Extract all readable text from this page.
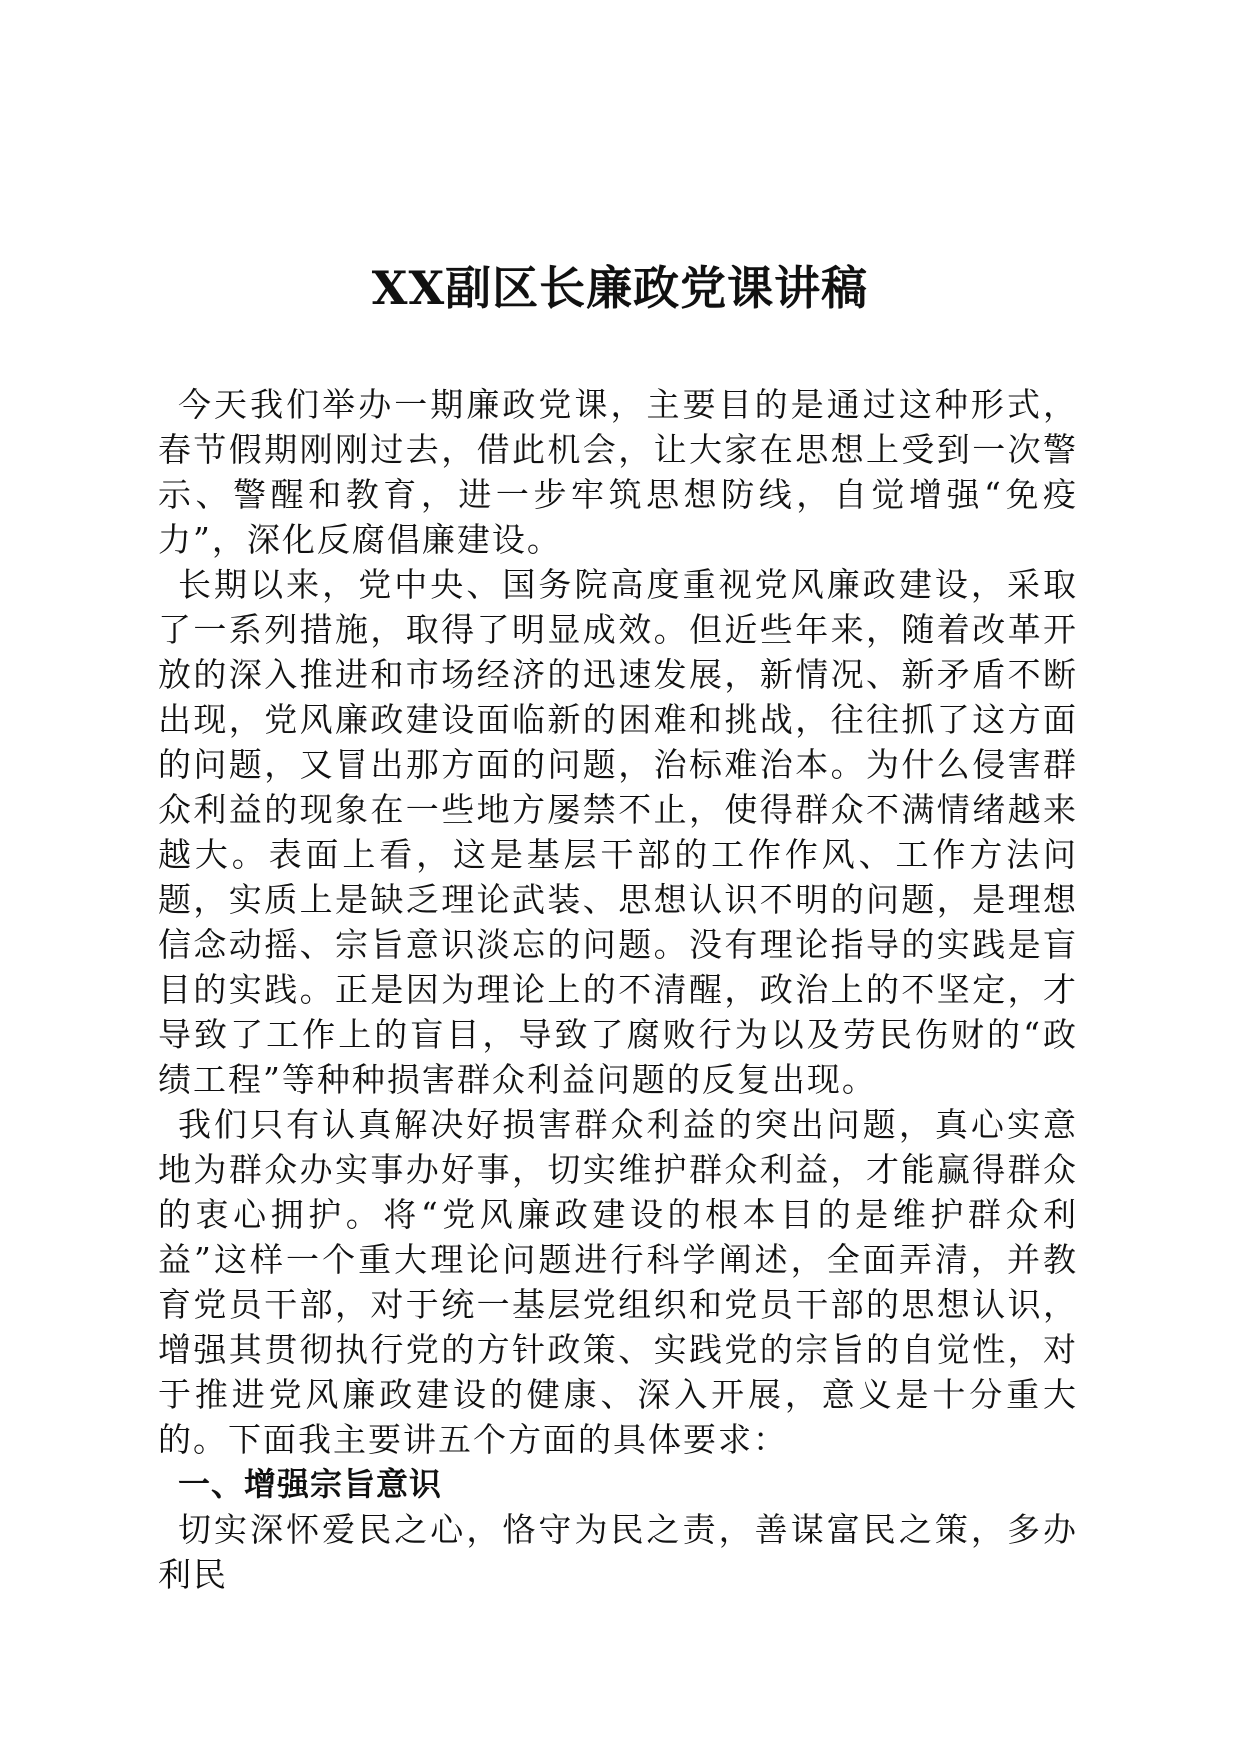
XX副区长廉政党课讲稿

今天我们举办一期廉政党课，主要目的是通过这种形式，春节假期刚刚过去，借此机会，让大家在思想上受到一次警示、警醒和教育，进一步牢筑思想防线，自觉增强“免疫力”，深化反腐倡廉建设。

长期以来，党中央、国务院高度重视党风廉政建设，采取了一系列措施，取得了明显成效。但近些年来，随着改革开放的深入推进和市场经济的迅速发展，新情况、新矛盾不断出现，党风廉政建设面临新的困难和挑战，往往抓了这方面的问题，又冒出那方面的问题，治标难治本。为什么侵害群众利益的现象在一些地方屡禁不止，使得群众不满情绪越来越大。表面上看，这是基层干部的工作作风、工作方法问题，实质上是缺乏理论武装、思想认识不明的问题，是理想信念动摇、宗旨意识淡忘的问题。没有理论指导的实践是盲目的实践。正是因为理论上的不清醒，政治上的不坚定，才导致了工作上的盲目，导致了腐败行为以及劳民伤财的“政绩工程”等种种损害群众利益问题的反复出现。

我们只有认真解决好损害群众利益的突出问题，真心实意地为群众办实事办好事，切实维护群众利益，才能赢得群众的衷心拥护。将“党风廉政建设的根本目的是维护群众利益”这样一个重大理论问题进行科学阐述，全面弄清，并教育党员干部，对于统一基层党组织和党员干部的思想认识，增强其贯彻执行党的方针政策、实践党的宗旨的自觉性，对于推进党风廉政建设的健康、深入开展，意义是十分重大的。下面我主要讲五个方面的具体要求：

一、增强宗旨意识

切实深怀爱民之心，恪守为民之责，善谋富民之策，多办利民
